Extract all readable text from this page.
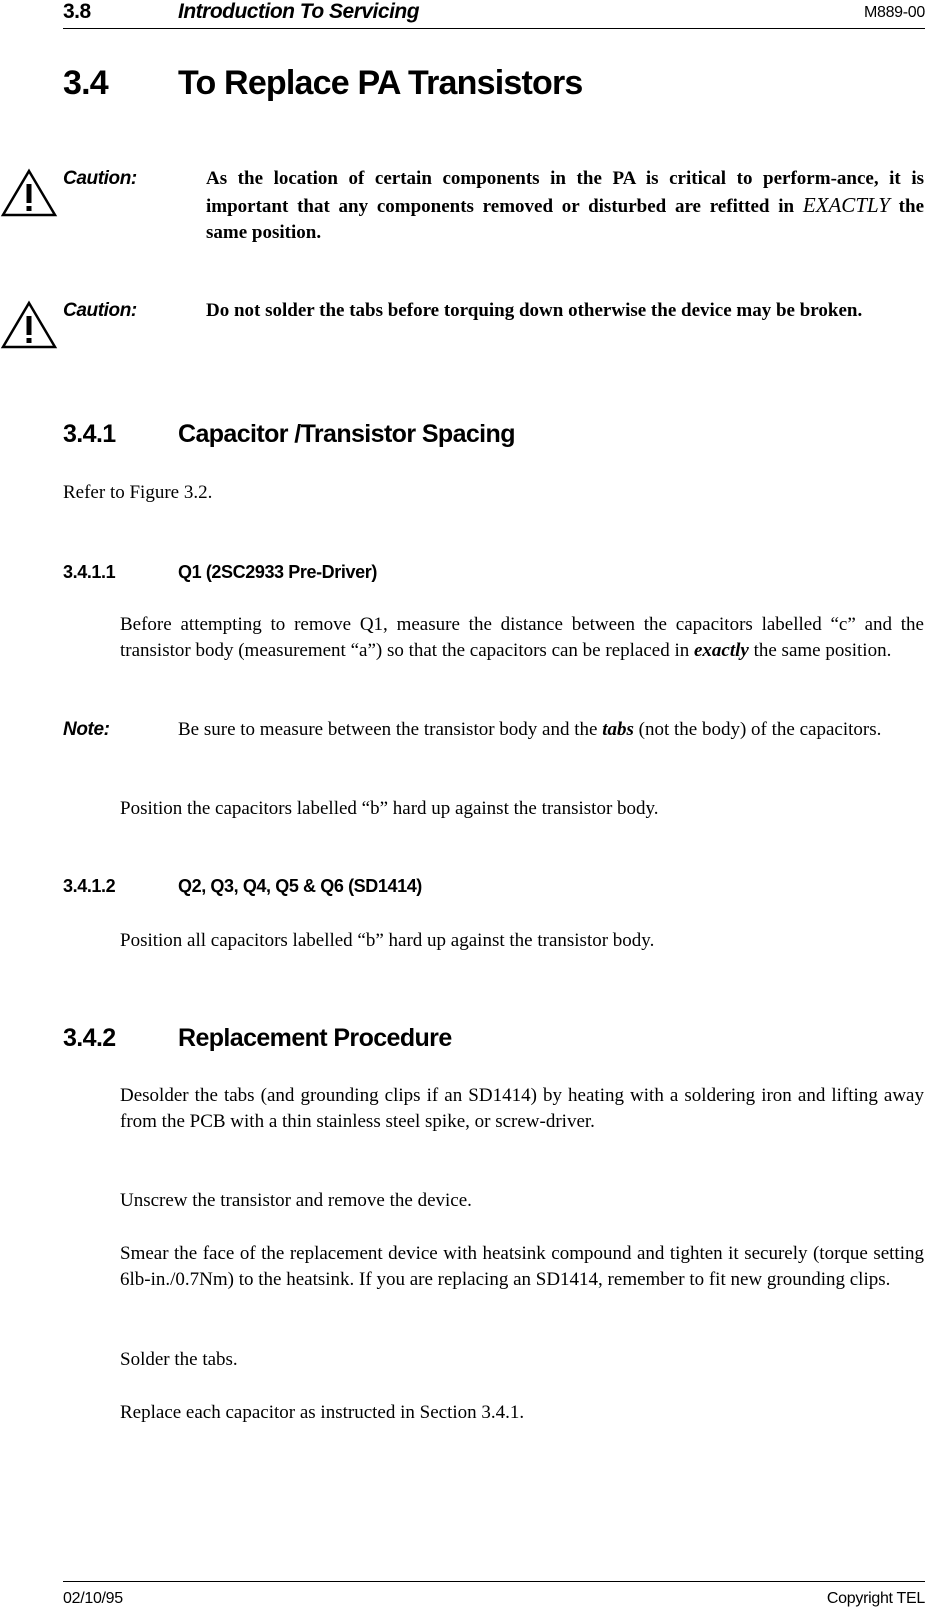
3.8	Introduction To Servicing	M889-00
3.4 To Replace PA Transistors
Caution:	As the location of certain components in the PA is critical to perform-ance, it is important that any components removed or disturbed are refitted in EXACTLY the same position.
Caution:	Do not solder the tabs before torquing down otherwise the device may be broken.
3.4.1 Capacitor /Transistor Spacing
Refer to Figure 3.2.
3.4.1.1	Q1 (2SC2933 Pre-Driver)
Before attempting to remove Q1, measure the distance between the capacitors labelled “c” and the transistor body (measurement “a”) so that the capacitors can be replaced in exactly the same position.
Note:	Be sure to measure between the transistor body and the tabs (not the body) of the capacitors.
Position the capacitors labelled “b” hard up against the transistor body.
3.4.1.2	Q2, Q3, Q4, Q5 & Q6 (SD1414)
Position all capacitors labelled “b” hard up against the transistor body.
3.4.2 Replacement Procedure
Desolder the tabs (and grounding clips if an SD1414) by heating with a soldering iron and lifting away from the PCB with a thin stainless steel spike, or screw-driver.
Unscrew the transistor and remove the device.
Smear the face of the replacement device with heatsink compound and tighten it securely (torque setting 6lb-in./0.7Nm) to the heatsink. If you are replacing an SD1414, remember to fit new grounding clips.
Solder the tabs.
Replace each capacitor as instructed in Section 3.4.1.
02/10/95	Copyright TEL
